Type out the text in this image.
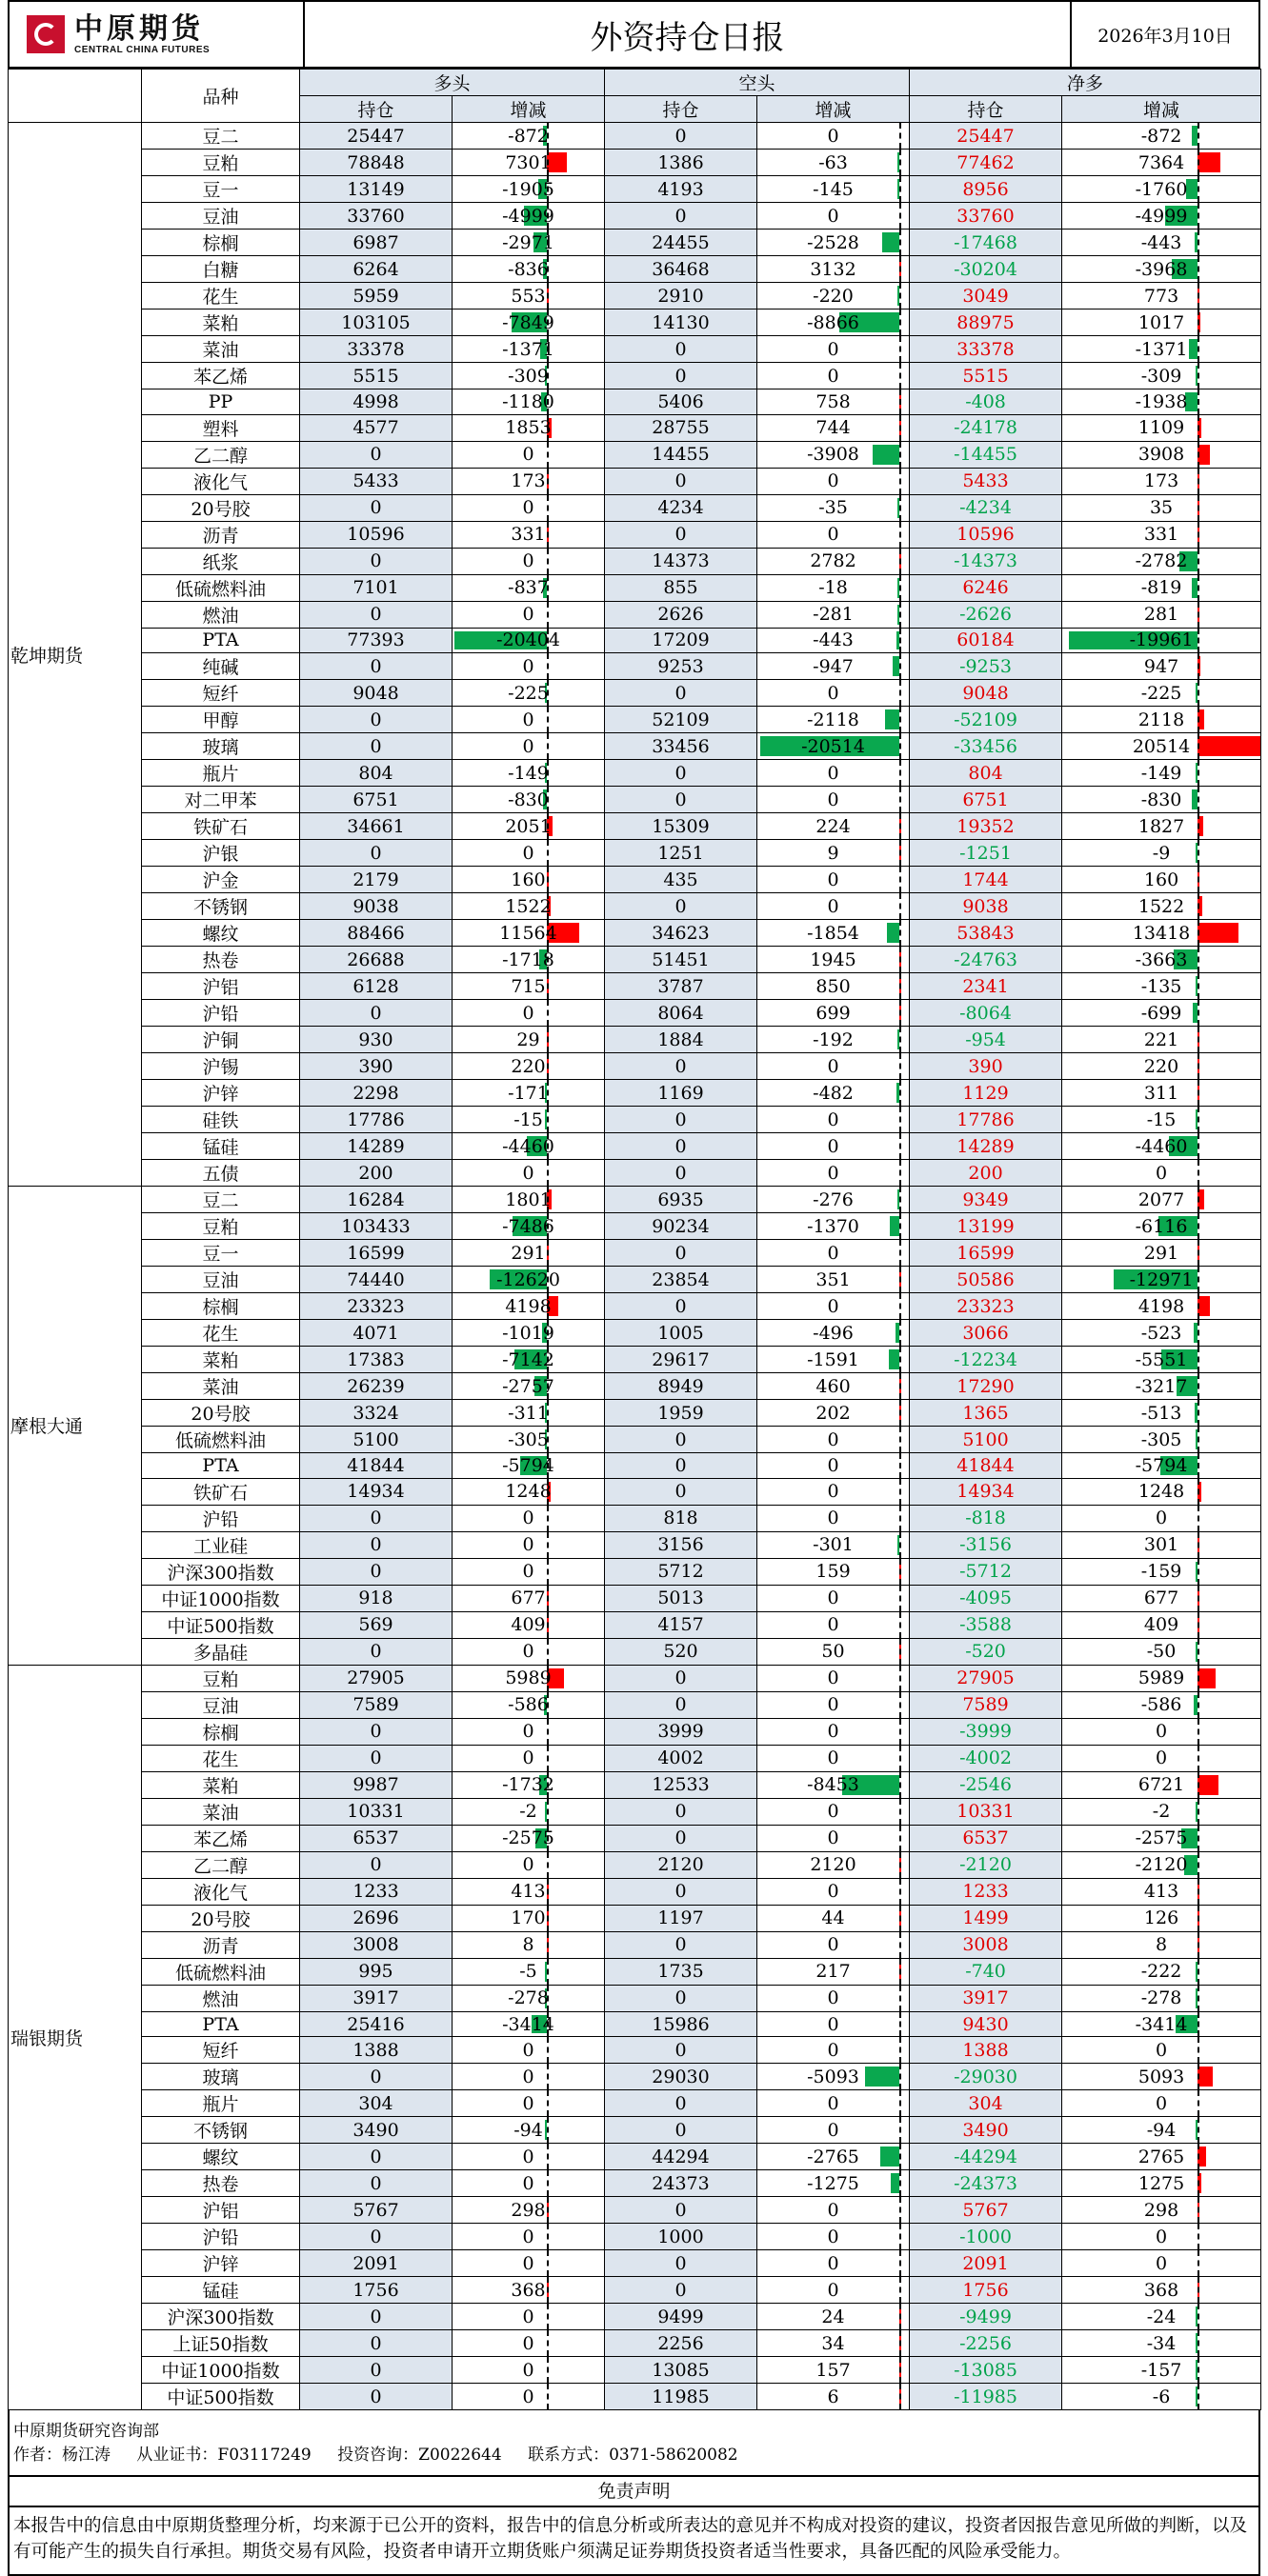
中原期货
CENTRAL CHINA FUTURES	外资持仓日报	2026年3月10日
	品种	多头		空头		净多	
		持仓	增减	持仓	增减	持仓	增减
乾坤期货	豆二	25447	-872	0	0	25447	-872
	豆粕	78848	7301	1386	-63	77462	7364
	豆一	13149	-1905	4193	-145	8956	-1760
	豆油	33760	-4999	0	0	33760	-4999
	棕榈	6987	-2971	24455	-2528	-17468	-443
	白糖	6264	-836	36468	3132	-30204	-3968
	花生	5959	553	2910	-220	3049	773
	菜粕	103105	-7849	14130	-8866	88975	1017
	菜油	33378	-1371	0	0	33378	-1371
	苯乙烯	5515	-309	0	0	5515	-309
	PP	4998	-1180	5406	758	-408	-1938
	塑料	4577	1853	28755	744	-24178	1109
	乙二醇	0	0	14455	-3908	-14455	3908
	液化气	5433	173	0	0	5433	173
	20号胶	0	0	4234	-35	-4234	35
	沥青	10596	331	0	0	10596	331
	纸浆	0	0	14373	2782	-14373	-2782
	低硫燃料油	7101	-837	855	-18	6246	-819
	燃油	0	0	2626	-281	-2626	281
	PTA	77393	-20404	17209	-443	60184	-19961
	纯碱	0	0	9253	-947	-9253	947
	短纤	9048	-225	0	0	9048	-225
	甲醇	0	0	52109	-2118	-52109	2118
	玻璃	0	0	33456	-20514	-33456	20514
	瓶片	804	-149	0	0	804	-149
	对二甲苯	6751	-830	0	0	6751	-830
	铁矿石	34661	2051	15309	224	19352	1827
	沪银	0	0	1251	9	-1251	-9
	沪金	2179	160	435	0	1744	160
	不锈钢	9038	1522	0	0	9038	1522
	螺纹	88466	11564	34623	-1854	53843	13418
	热卷	26688	-1718	51451	1945	-24763	-3663
	沪铝	6128	715	3787	850	2341	-135
	沪铅	0	0	8064	699	-8064	-699
	沪铜	930	29	1884	-192	-954	221
	沪锡	390	220	0	0	390	220
	沪锌	2298	-171	1169	-482	1129	311
	硅铁	17786	-15	0	0	17786	-15
	锰硅	14289	-4460	0	0	14289	-4460
	五债	200	0	0	0	200	0
摩根大通	豆二	16284	1801	6935	-276	9349	2077
	豆粕	103433	-7486	90234	-1370	13199	-6116
	豆一	16599	291	0	0	16599	291
	豆油	74440	-12620	23854	351	50586	-12971
	棕榈	23323	4198	0	0	23323	4198
	花生	4071	-1019	1005	-496	3066	-523
	菜粕	17383	-7142	29617	-1591	-12234	-5551
	菜油	26239	-2757	8949	460	17290	-3217
	20号胶	3324	-311	1959	202	1365	-513
	低硫燃料油	5100	-305	0	0	5100	-305
	PTA	41844	-5794	0	0	41844	-5794
	铁矿石	14934	1248	0	0	14934	1248
	沪铅	0	0	818	0	-818	0
	工业硅	0	0	3156	-301	-3156	301
	沪深300指数	0	0	5712	159	-5712	-159
	中证1000指数	918	677	5013	0	-4095	677
	中证500指数	569	409	4157	0	-3588	409
	多晶硅	0	0	520	50	-520	-50
瑞银期货	豆粕	27905	5989	0	0	27905	5989
	豆油	7589	-586	0	0	7589	-586
	棕榈	0	0	3999	0	-3999	0
	花生	0	0	4002	0	-4002	0
	菜粕	9987	-1732	12533	-8453	-2546	6721
	菜油	10331	-2	0	0	10331	-2
	苯乙烯	6537	-2575	0	0	6537	-2575
	乙二醇	0	0	2120	2120	-2120	-2120
	液化气	1233	413	0	0	1233	413
	20号胶	2696	170	1197	44	1499	126
	沥青	3008	8	0	0	3008	8
	低硫燃料油	995	-5	1735	217	-740	-222
	燃油	3917	-278	0	0	3917	-278
	PTA	25416	-3414	15986	0	9430	-3414
	短纤	1388	0	0	0	1388	0
	玻璃	0	0	29030	-5093	-29030	5093
	瓶片	304	0	0	0	304	0
	不锈钢	3490	-94	0	0	3490	-94
	螺纹	0	0	44294	-2765	-44294	2765
	热卷	0	0	24373	-1275	-24373	1275
	沪铝	5767	298	0	0	5767	298
	沪铅	0	0	1000	0	-1000	0
	沪锌	2091	0	0	0	2091	0
	锰硅	1756	368	0	0	1756	368
	沪深300指数	0	0	9499	24	-9499	-24
	上证50指数	0	0	2256	34	-2256	-34
	中证1000指数	0	0	13085	157	-13085	-157
	中证500指数	0	0	11985	6	-11985	-6
中原期货研究咨询部
作者：杨江涛 从业证书：F03117249 投资咨询：Z0022644 联系方式：0371-58620082
免责声明
本报告中的信息由中原期货整理分析，均来源于已公开的资料，报告中的信息分析或所表达的意见并不构成对投资的建议，投资者因报告意见所做的判断，以及有可能产生的损失自行承担。期货交易有风险，投资者申请开立期货账户须满足证券期货投资者适当性要求，具备匹配的风险承受能力。
